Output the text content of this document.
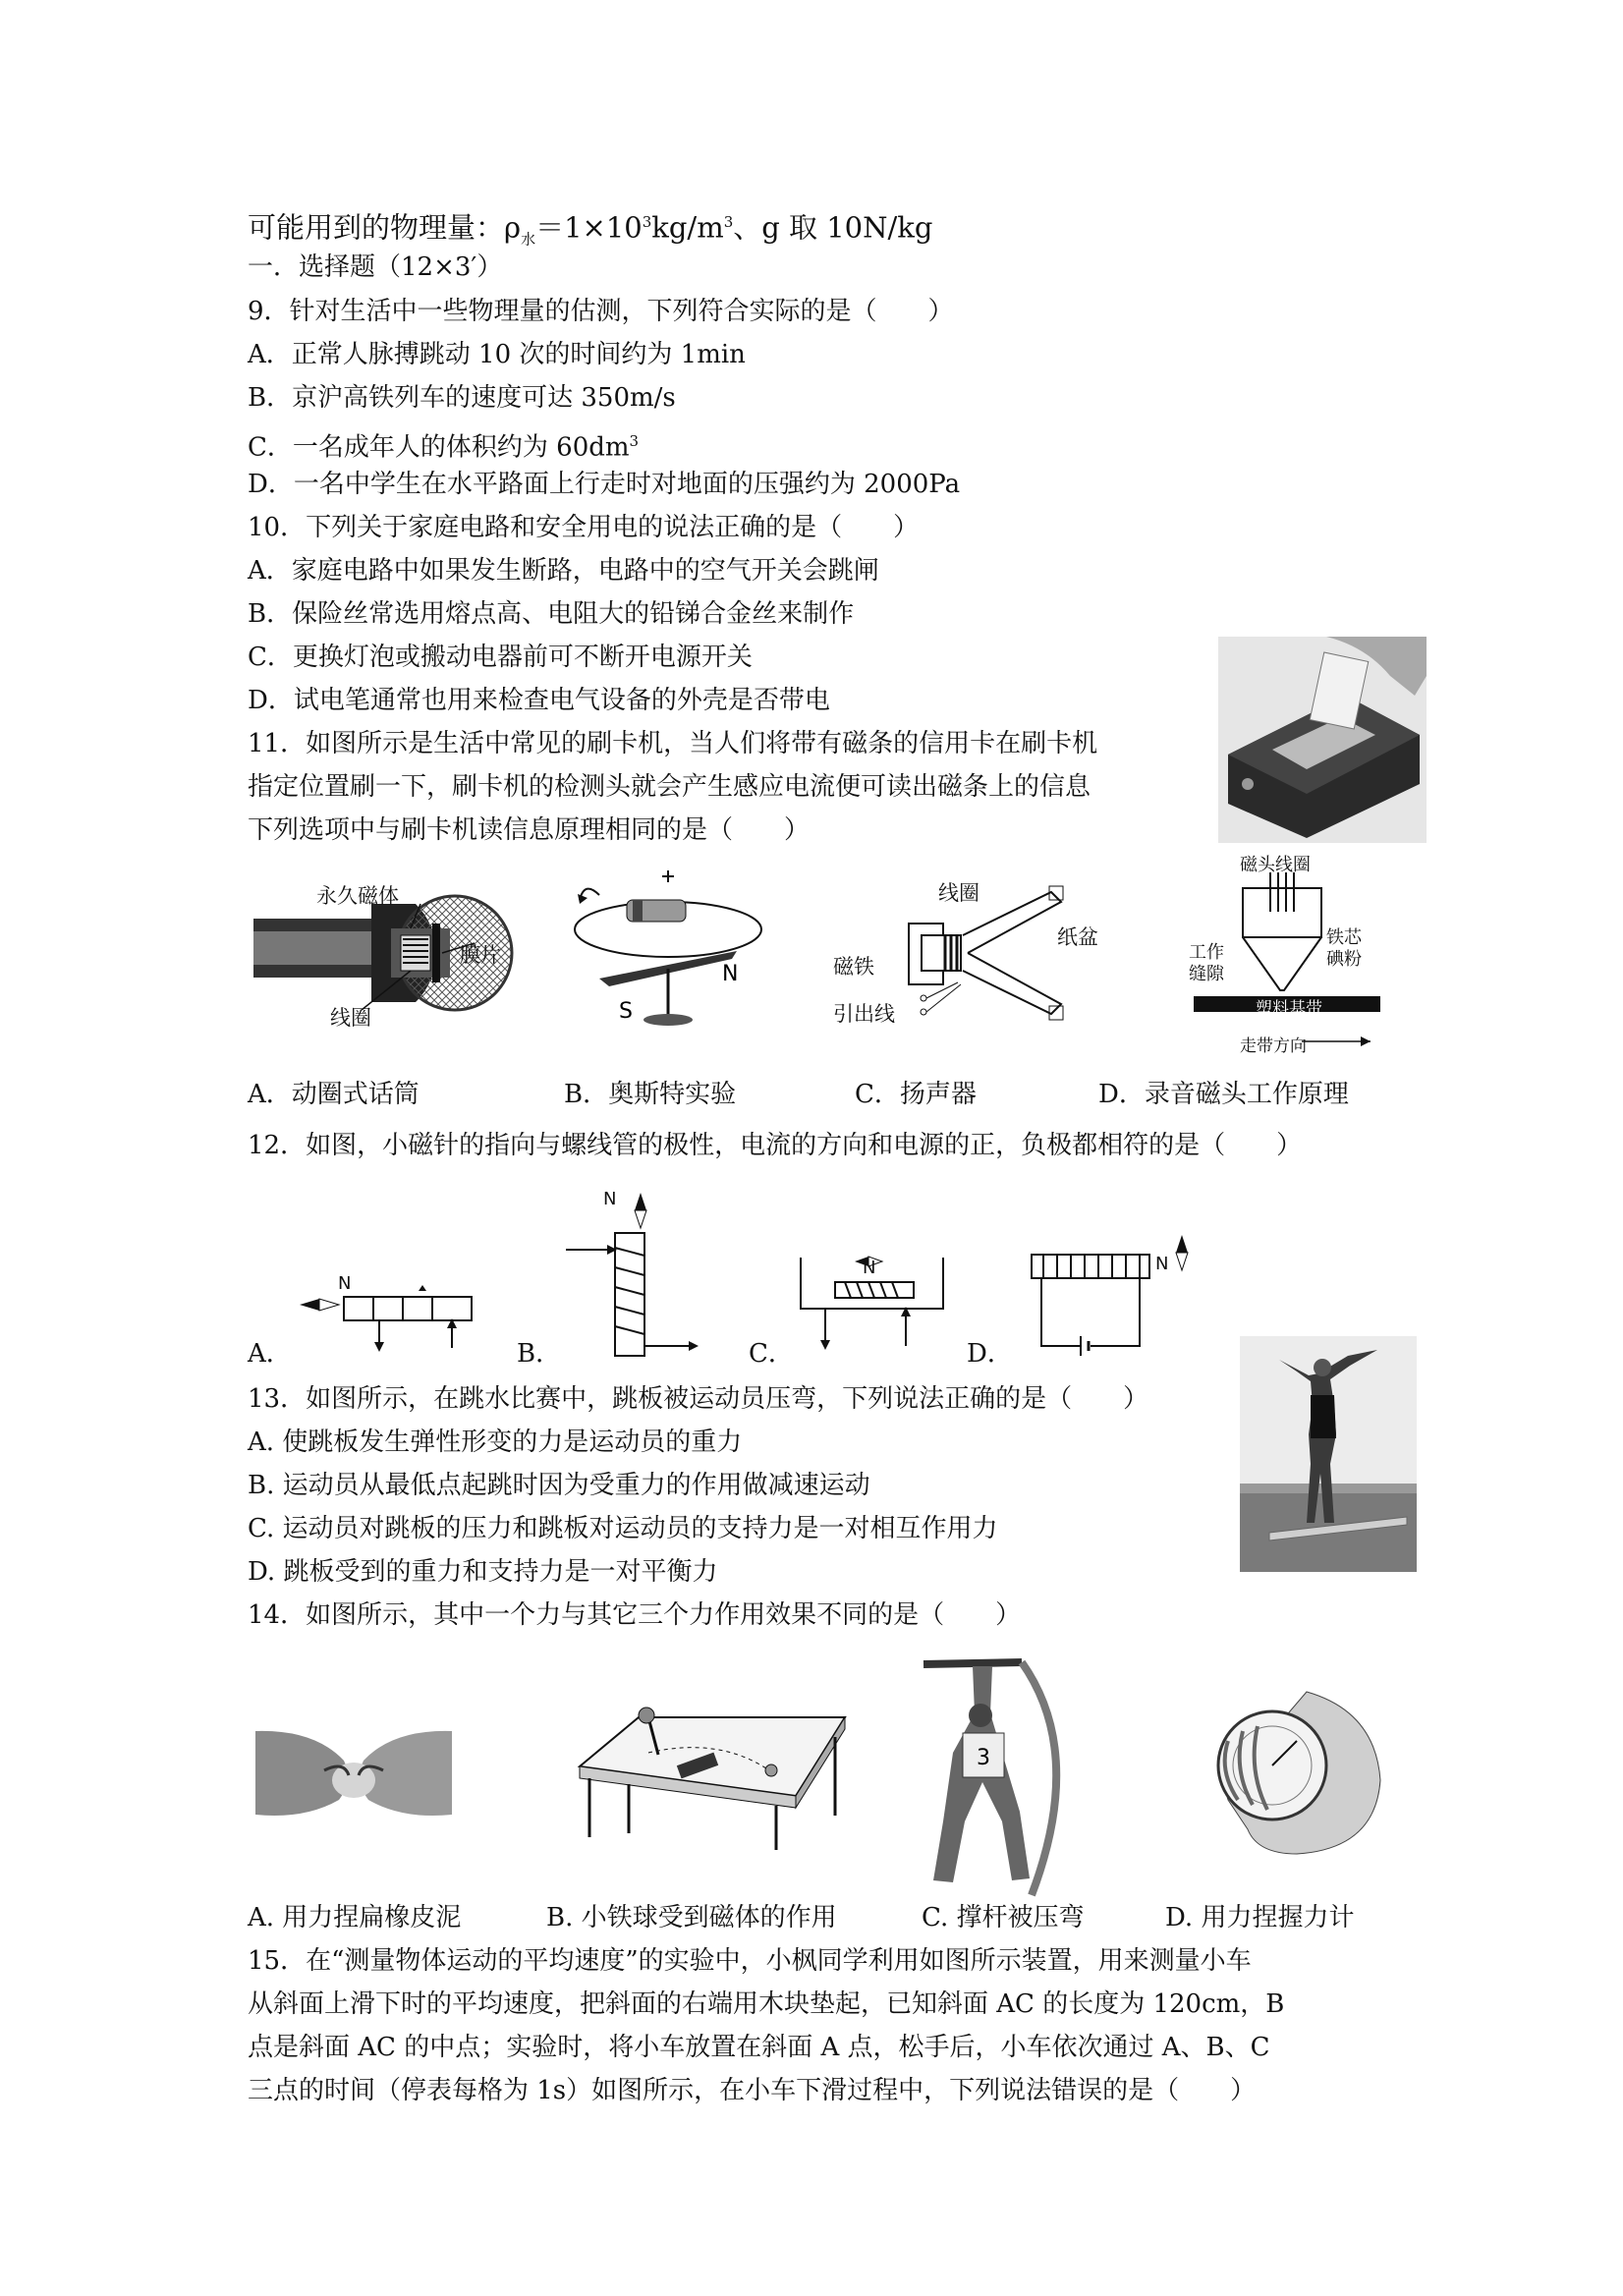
可能用到的物理量：$\rho_水=1\times 10^3kg/m^3$、g 取 10N/kg
一．选择题（12×3′）
9．针对生活中一些物理量的估测，下列符合实际的是（　　）
A．正常人脉搏跳动 10 次的时间约为 1min
B．京沪高铁列车的速度可达 350m/s
C．一名成年人的体积约为 $60dm^3$
D．一名中学生在水平路面上行走时对地面的压强约为 2000Pa
10．下列关于家庭电路和安全用电的说法正确的是（　　）
A．家庭电路中如果发生断路，电路中的空气开关会跳闸
B．保险丝常选用熔点高、电阻大的铅锑合金丝来制作
C．更换灯泡或搬动电器前可不断开电源开关
D．试电笔通常也用来检查电气设备的外壳是否带电
11．如图所示是生活中常见的刷卡机，当人们将带有磁条的信用卡在刷卡机
指定位置刷一下，刷卡机的检测头就会产生感应电流便可读出磁条上的信息
下列选项中与刷卡机读信息原理相同的是（　　）
永久磁体
膜片
线圈	S
N
线圈
纸盆
磁铁
引出线
磁头线圈
工作
缝隙
铁芯
碘粉
塑料基带
走带方向
A．动圈式话筒	B．奥斯特实验	C．扬声器	D．录音磁头工作原理
12．如图，小磁针的指向与螺线管的极性，电流的方向和电源的正，负极都相符的是（　　）
N
N
N	N
A．	B．	C．	D．
13．如图所示，在跳水比赛中，跳板被运动员压弯，下列说法正确的是（　　）
A. 使跳板发生弹性形变的力是运动员的重力
B. 运动员从最低点起跳时因为受重力的作用做减速运动
C. 运动员对跳板的压力和跳板对运动员的支持力是一对相互作用力
D. 跳板受到的重力和支持力是一对平衡力
14．如图所示，其中一个力与其它三个力作用效果不同的是（　　）
3
A. 用力捏扁橡皮泥	B. 小铁球受到磁体的作用	C. 撑杆被压弯	D. 用力捏握力计
15．在“测量物体运动的平均速度”的实验中，小枫同学利用如图所示装置，用来测量小车
从斜面上滑下时的平均速度，把斜面的右端用木块垫起，已知斜面 AC 的长度为 120cm，B
点是斜面 AC 的中点；实验时，将小车放置在斜面 A 点，松手后，小车依次通过 A、B、C
三点的时间（停表每格为 1s）如图所示，在小车下滑过程中，下列说法错误的是（　　）
